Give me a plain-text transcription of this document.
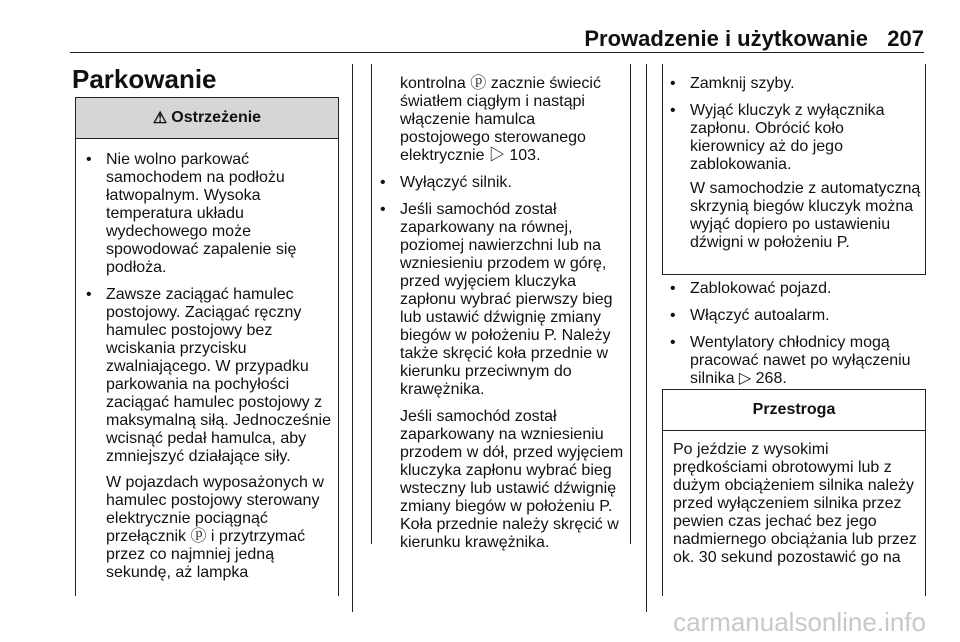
Prowadzenie i użytkowanie 207
Parkowanie
⚠ Ostrzeżenie
• Nie wolno parkować samochodem na podłożu łatwopalnym. Wysoka temperatura układu wydechowego może spowodować zapalenie się podłoża.
• Zawsze zaciągać hamulec postojowy. Zaciągać ręczny hamulec postojowy bez wciskania przycisku zwalniającego. W przypadku parkowania na pochyłości zaciągać hamulec postojowy z maksymalną siłą. Jednocześnie wcisnąć pedał hamulca, aby zmniejszyć działające siły.

W pojazdach wyposażonych w hamulec postojowy sterowany elektrycznie pociągnąć przełącznik ⓟ i przytrzymać przez co najmniej jedną sekundę, aż lampka

kontrolna ⓟ zacznie świecić światłem ciągłym i nastąpi włączenie hamulca postojowego sterowanego elektrycznie ▷ 103.

• Wyłączyć silnik.
• Jeśli samochód został zaparkowany na równej, poziomej nawierzchni lub na wzniesieniu przodem w górę, przed wyjęciem kluczyka zapłonu wybrać pierwszy bieg lub ustawić dźwignię zmiany biegów w położeniu P. Należy także skręcić koła przednie w kierunku przeciwnym do krawężnika.

Jeśli samochód został zaparkowany na wzniesieniu przodem w dół, przed wyjęciem kluczyka zapłonu wybrać bieg wsteczny lub ustawić dźwignię zmiany biegów w położeniu P. Koła przednie należy skręcić w kierunku krawężnika.

• Zamknij szyby.
• Wyjąć kluczyk z wyłącznika zapłonu. Obrócić koło kierownicy aż do jego zablokowania.

W samochodzie z automatyczną skrzynią biegów kluczyk można wyjąć dopiero po ustawieniu dźwigni w położeniu P.

• Zablokować pojazd.
• Włączyć autoalarm.
• Wentylatory chłodnicy mogą pracować nawet po wyłączeniu silnika ▷ 268.
Przestroga

Po jeździe z wysokimi prędkościami obrotowymi lub z dużym obciążeniem silnika należy przed wyłączeniem silnika przez pewien czas jechać bez jego nadmiernego obciążania lub przez ok. 30 sekund pozostawić go na

carmanualsonline.info
